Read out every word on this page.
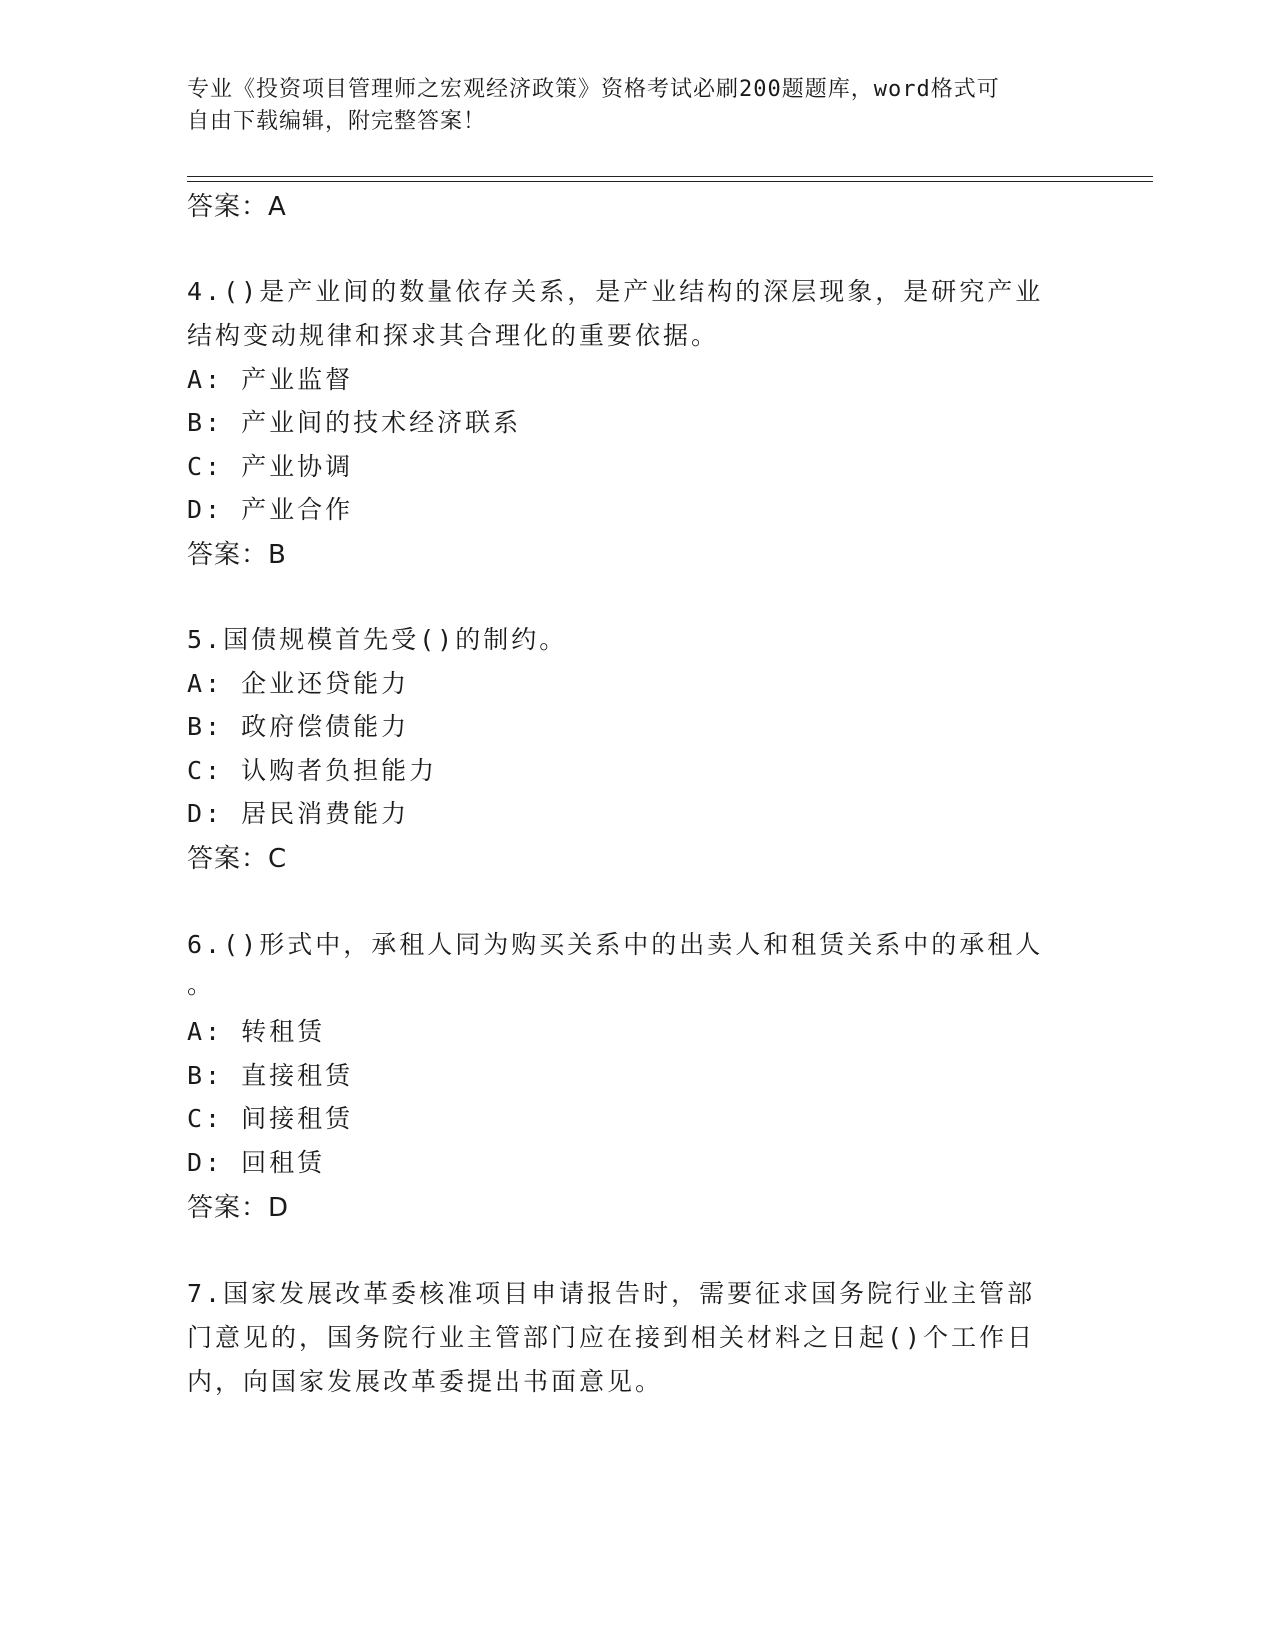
专业《投资项目管理师之宏观经济政策》资格考试必刷200题题库，word格式可
自由下载编辑，附完整答案！
答案：A
4.()是产业间的数量依存关系，是产业结构的深层现象，是研究产业
结构变动规律和探求其合理化的重要依据。
A: 产业监督
B: 产业间的技术经济联系
C: 产业协调
D: 产业合作
答案：B
5.国债规模首先受()的制约。
A: 企业还贷能力
B: 政府偿债能力
C: 认购者负担能力
D: 居民消费能力
答案：C
6.()形式中，承租人同为购买关系中的出卖人和租赁关系中的承租人
。
A: 转租赁
B: 直接租赁
C: 间接租赁
D: 回租赁
答案：D
7.国家发展改革委核准项目申请报告时，需要征求国务院行业主管部
门意见的，国务院行业主管部门应在接到相关材料之日起()个工作日
内，向国家发展改革委提出书面意见。
